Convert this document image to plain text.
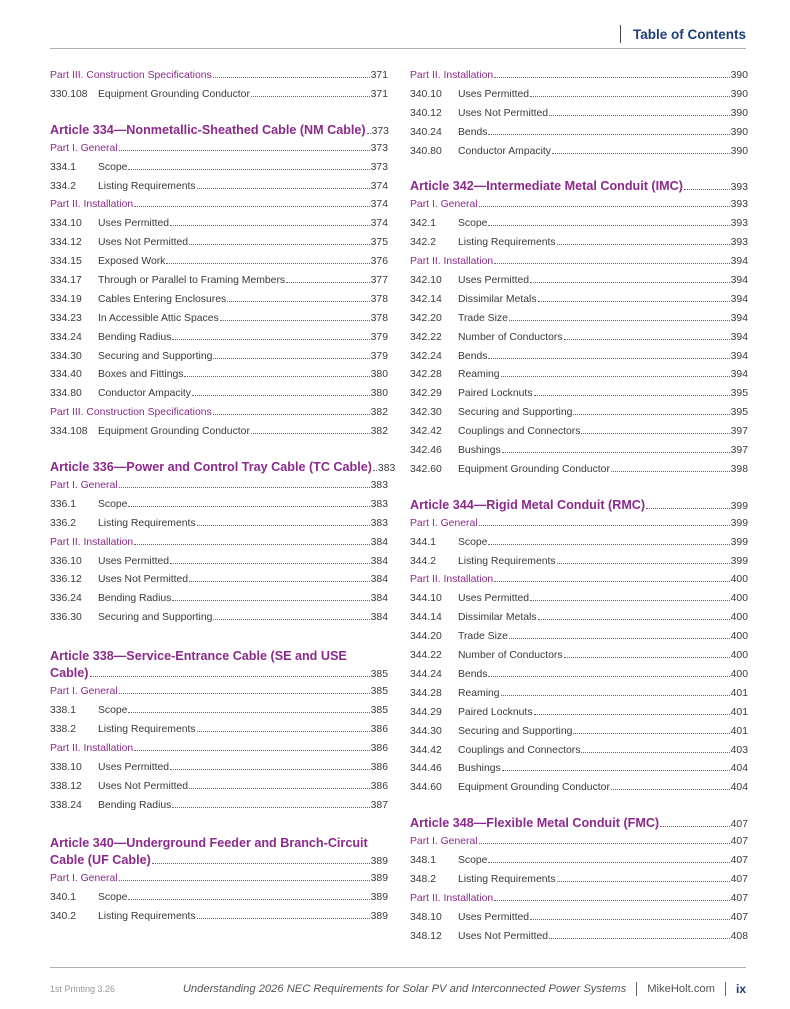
Table of Contents
Part III. Construction Specifications	371
330.108	Equipment Grounding Conductor	371
Article 334—Nonmetallic-Sheathed Cable (NM Cable) 373
Part I. General	373
334.1	Scope	373
334.2	Listing Requirements	374
Part II. Installation	374
334.10	Uses Permitted	374
334.12	Uses Not Permitted	375
334.15	Exposed Work	376
334.17	Through or Parallel to Framing Members	377
334.19	Cables Entering Enclosures	378
334.23	In Accessible Attic Spaces	378
334.24	Bending Radius	379
334.30	Securing and Supporting	379
334.40	Boxes and Fittings	380
334.80	Conductor Ampacity	380
Part III. Construction Specifications	382
334.108	Equipment Grounding Conductor	382
Article 336—Power and Control Tray Cable (TC Cable) 383
Part I. General	383
336.1	Scope	383
336.2	Listing Requirements	383
Part II. Installation	384
336.10	Uses Permitted	384
336.12	Uses Not Permitted	384
336.24	Bending Radius	384
336.30	Securing and Supporting	384
Article 338—Service-Entrance Cable (SE and USE
Cable)	385
Part I. General	385
338.1	Scope	385
338.2	Listing Requirements	386
Part II. Installation	386
338.10	Uses Permitted	386
338.12	Uses Not Permitted	386
338.24	Bending Radius	387
Article 340—Underground Feeder and Branch-Circuit
Cable (UF Cable)	389
Part I. General	389
340.1	Scope	389
340.2	Listing Requirements	389
Part II. Installation	390
340.10	Uses Permitted	390
340.12	Uses Not Permitted	390
340.24	Bends	390
340.80	Conductor Ampacity	390
Article 342—Intermediate Metal Conduit (IMC)	393
Part I. General	393
342.1	Scope	393
342.2	Listing Requirements	393
Part II. Installation	394
342.10	Uses Permitted	394
342.14	Dissimilar Metals	394
342.20	Trade Size	394
342.22	Number of Conductors	394
342.24	Bends	394
342.28	Reaming	394
342.29	Paired Locknuts	395
342.30	Securing and Supporting	395
342.42	Couplings and Connectors	397
342.46	Bushings	397
342.60	Equipment Grounding Conductor	398
Article 344—Rigid Metal Conduit (RMC)	399
Part I. General	399
344.1	Scope	399
344.2	Listing Requirements	399
Part II. Installation	400
344.10	Uses Permitted	400
344.14	Dissimilar Metals	400
344.20	Trade Size	400
344.22	Number of Conductors	400
344.24	Bends	400
344.28	Reaming	401
344.29	Paired Locknuts	401
344.30	Securing and Supporting	401
344.42	Couplings and Connectors	403
344.46	Bushings	404
344.60	Equipment Grounding Conductor	404
Article 348—Flexible Metal Conduit (FMC)	407
Part I. General	407
348.1	Scope	407
348.2	Listing Requirements	407
Part II. Installation	407
348.10	Uses Permitted	407
348.12	Uses Not Permitted	408
1st Printing 3.26	Understanding 2026 NEC Requirements for Solar PV and Interconnected Power Systems MikeHolt.com ix
